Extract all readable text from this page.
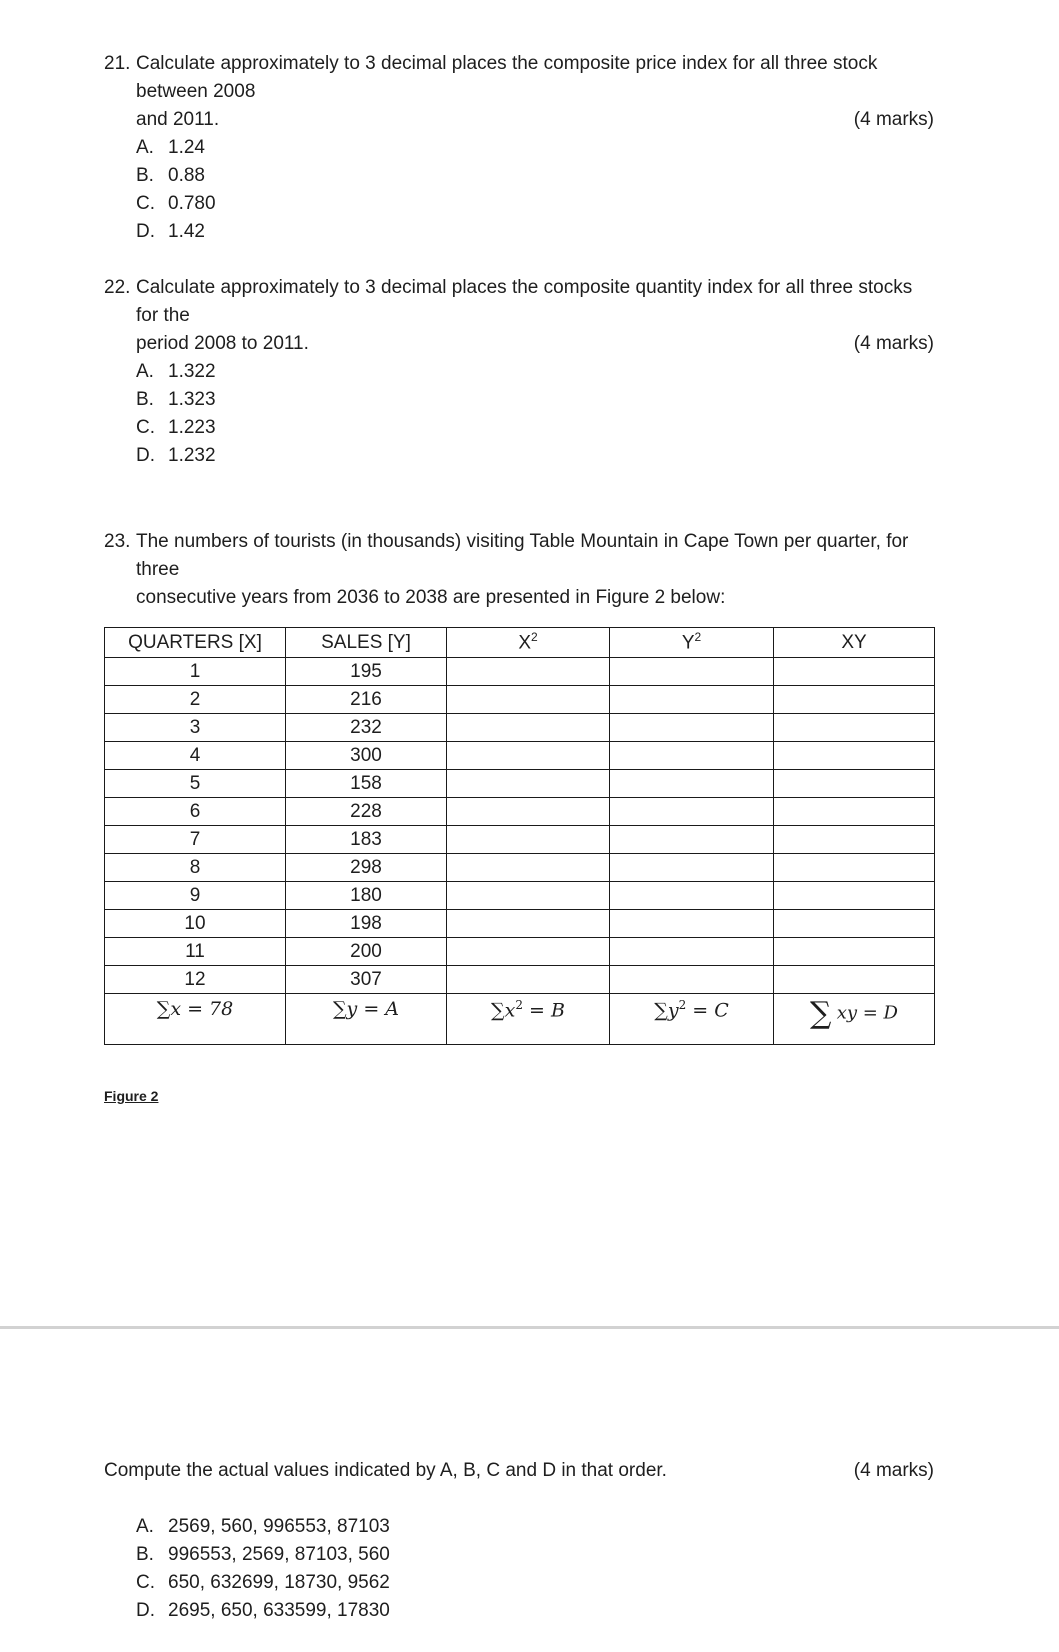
21. Calculate approximately to 3 decimal places the composite price index for all three stock between 2008
and 2011.	(4 marks)
A. 1.24
B. 0.88
C. 0.780
D. 1.42
22. Calculate approximately to 3 decimal places the composite quantity index for all three stocks for the
period 2008 to 2011.	(4 marks)
A. 1.322
B. 1.323
C. 1.223
D. 1.232
23. The numbers of tourists (in thousands) visiting Table Mountain in Cape Town per quarter, for three
consecutive years from 2036 to 2038 are presented in Figure 2 below:
QUARTERS [X]	SALES [Y]	$X^2$	$Y^2$	XY
1	195			
2	216			
3	232			
4	300			
5	158			
6	228			
7	183			
8	298			
9	180			
10	198			
11	200			
12	307			
∑x = 78	∑y = A	$\sum x^2 = B$	$\sum y^2 = C$	∑ xy = D
Figure 2
Compute the actual values indicated by A, B, C and D in that order.	(4 marks)
A. 2569, 560, 996553, 87103
B. 996553, 2569, 87103, 560
C. 650, 632699, 18730, 9562
D. 2695, 650, 633599, 17830
